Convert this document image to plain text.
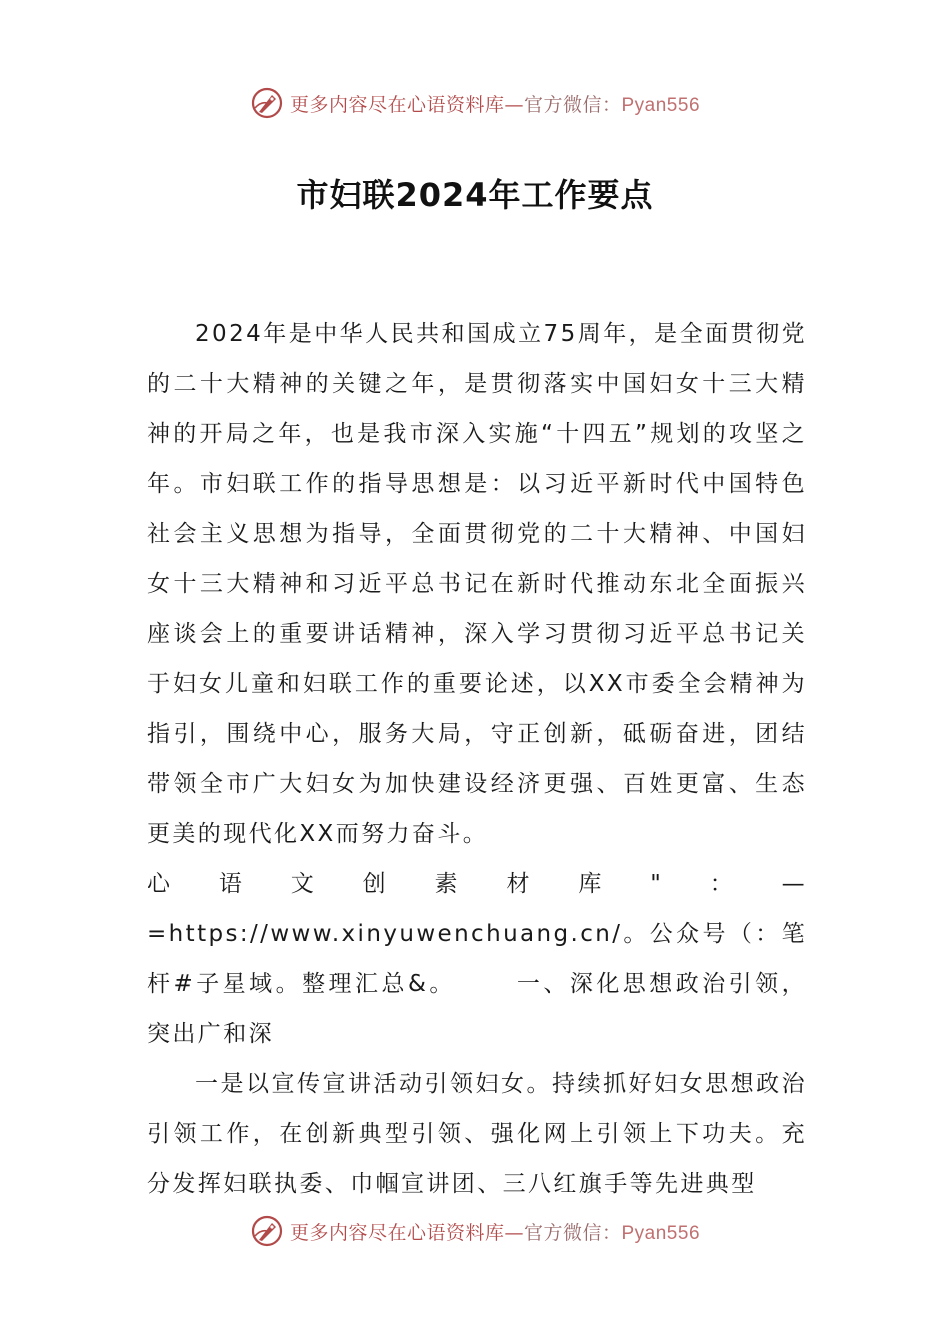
更多内容尽在心语资料库—官方微信：Pyan556
市妇联2024年工作要点

2024年是中华人民共和国成立75周年，是全面贯彻党的二十大精神的关键之年，是贯彻落实中国妇女十三大精神的开局之年，也是我市深入实施“十四五”规划的攻坚之年。市妇联工作的指导思想是：以习近平新时代中国特色社会主义思想为指导，全面贯彻党的二十大精神、中国妇女十三大精神和习近平总书记在新时代推动东北全面振兴座谈会上的重要讲话精神，深入学习贯彻习近平总书记关于妇女儿童和妇联工作的重要论述，以XX市委全会精神为指引，围绕中心，服务大局，守正创新，砥砺奋进，团结带领全市广大妇女为加快建设经济更强、百姓更富、生态更美的现代化XX而努力奋斗。

心语文创素材库"：—=https://www.xinyuwenchuang.cn/。公众号（：笔杆#子星域。整理汇总&。	一、深化思想政治引领，突出广和深

一是以宣传宣讲活动引领妇女。持续抓好妇女思想政治引领工作，在创新典型引领、强化网上引领上下功夫。充分发挥妇联执委、巾帼宣讲团、三八红旗手等先进典型

更多内容尽在心语资料库—官方微信：Pyan556
